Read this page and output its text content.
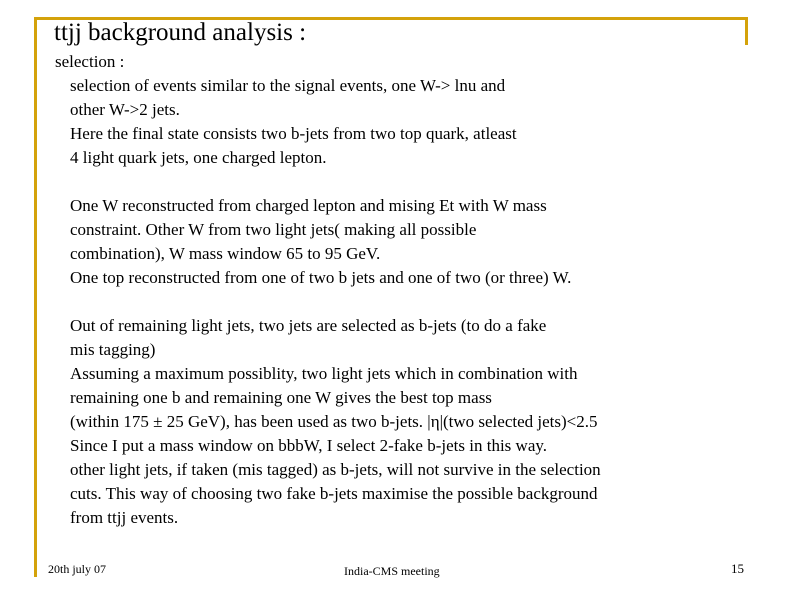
ttjj background analysis :
selection :
selection of events similar to the signal events, one W-> lnu and
other W->2 jets.
Here the final state consists two b-jets from two top quark, atleast
4 light quark jets, one charged lepton.
One W reconstructed from charged lepton and mising Et with W mass
constraint. Other W from two light jets( making all possible
combination), W mass window 65 to 95 GeV.
One top reconstructed from one of two b jets and one of two (or three) W.
Out of remaining light jets, two jets are selected as b-jets (to do a fake
mis tagging)
Assuming a maximum possiblity, two light jets which in combination with
remaining one b and remaining one W gives the best top mass
(within 175 ± 25 GeV), has been used as two b-jets. |η|(two selected jets)<2.5
Since I put a mass window on bbbW, I select 2-fake b-jets in this way.
other light jets, if taken (mis tagged) as b-jets, will not survive in the selection
cuts. This way of choosing two fake b-jets maximise the possible background
from ttjj events.
20th july 07	India-CMS meeting	15
